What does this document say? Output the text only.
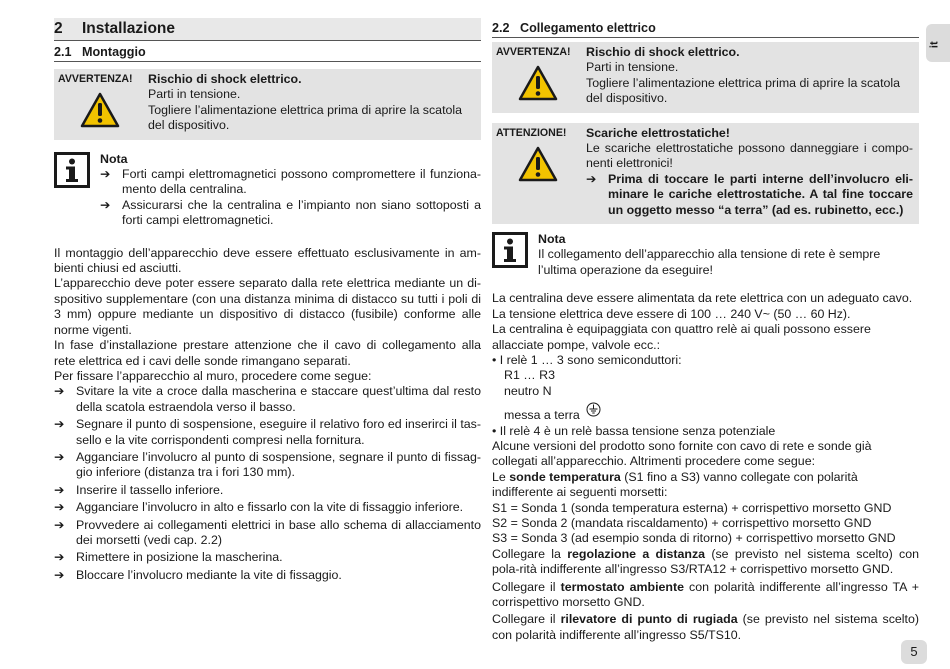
2 Installazione
2.1 Montaggio
AVVERTENZA!	Rischio di shock elettrico.

Parti in tensione.

Togliere l’alimentazione elettrica prima di aprire la scatola del dispositivo.

Nota

➔ Forti campi elettromagnetici possono compromettere il funziona-mento della centralina.
➔ Assicurarsi che la centralina e l’impianto non siano sottoposti a forti campi elettromagnetici.

Il montaggio dell’apparecchio deve essere effettuato esclusivamente in am-bienti chiusi ed asciutti.

L’apparecchio deve poter essere separato dalla rete elettrica mediante un di-spositivo supplementare (con una distanza minima di distacco su tutti i poli di 3 mm) oppure mediante un dispositivo di distacco (fusibile) conforme alle norme vigenti.

In fase d’installazione prestare attenzione che il cavo di collegamento alla rete elettrica ed i cavi delle sonde rimangano separati.

Per fissare l’apparecchio al muro, procedere come segue:

➔ Svitare la vite a croce dalla mascherina e staccare quest’ultima dal resto della scatola estraendola verso il basso.
➔ Segnare il punto di sospensione, eseguire il relativo foro ed inserirci il tas-sello e la vite corrispondenti compresi nella fornitura.
➔ Agganciare l’involucro al punto di sospensione, segnare il punto di fissag-gio inferiore (distanza tra i fori 130 mm).
➔ Inserire il tassello inferiore.
➔ Agganciare l’involucro in alto e fissarlo con la vite di fissaggio inferiore.
➔ Provvedere ai collegamenti elettrici in base allo schema di allacciamento dei morsetti (vedi cap. 2.2)
➔ Rimettere in posizione la mascherina.
➔ Bloccare l’involucro mediante la vite di fissaggio.
2.2 Collegamento elettrico
AVVERTENZA!	Rischio di shock elettrico.

Parti in tensione.

Togliere l’alimentazione elettrica prima di aprire la scatola del dispositivo.

ATTENZIONE!	Scariche elettrostatiche!

Le scariche elettrostatiche possono danneggiare i compo-nenti elettronici!

➔ Prima di toccare le parti interne dell’involucro eli-minare le cariche elettrostatiche. A tal fine toccare un oggetto messo “a terra” (ad es. rubinetto, ecc.)

Nota

Il collegamento dell’apparecchio alla tensione di rete è sempre l’ultima operazione da eseguire!

La centralina deve essere alimentata da rete elettrica con un adeguato cavo.

La tensione elettrica deve essere di 100 … 240 V~ (50 … 60 Hz).

La centralina è equipaggiata con quattro relè ai quali possono essere allacciate pompe, valvole ecc.:

• I relè 1 … 3 sono semiconduttori:

R1 … R3

neutro N

messa a terra

• Il relè 4 è un relè bassa tensione senza potenziale

Alcune versioni del prodotto sono fornite con cavo di rete e sonde già collegati all’apparecchio. Altrimenti procedere come segue:

Le sonde temperatura (S1 fino a S3) vanno collegate con polarità indifferente ai seguenti morsetti:

S1 = Sonda 1 (sonda temperatura esterna) + corrispettivo morsetto GND

S2 = Sonda 2 (mandata riscaldamento) + corrispettivo morsetto GND

S3 = Sonda 3 (ad esempio sonda di ritorno) + corrispettivo morsetto GND

Collegare la regolazione a distanza (se previsto nel sistema scelto) con pola-rità indifferente all’ingresso S3/RTA12 + corrispettivo morsetto GND.

Collegare il termostato ambiente con polarità indifferente all’ingresso TA + corrispettivo morsetto GND.

Collegare il rilevatore di punto di rugiada (se previsto nel sistema scelto) con polarità indifferente all’ingresso S5/TS10.

it
5
